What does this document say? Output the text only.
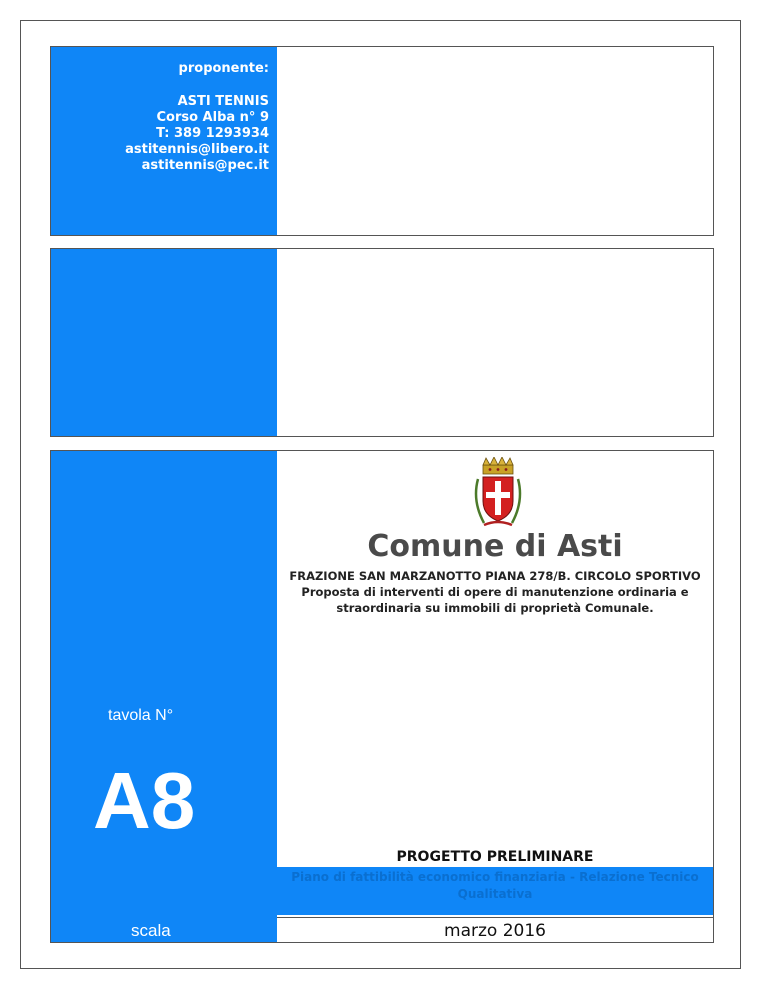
proponente:
ASTI TENNIS
Corso Alba n° 9
T: 389 1293934
astitennis@libero.it
astitennis@pec.it
tavola N°
A8
scala
Comune di Asti
FRAZIONE SAN MARZANOTTO PIANA 278/B. CIRCOLO SPORTIVO
Proposta di interventi di opere di manutenzione ordinaria e
straordinaria su immobili di proprietà Comunale.
PROGETTO PRELIMINARE
Piano di fattibilità economico finanziaria - Relazione Tecnico
Qualitativa
marzo 2016
